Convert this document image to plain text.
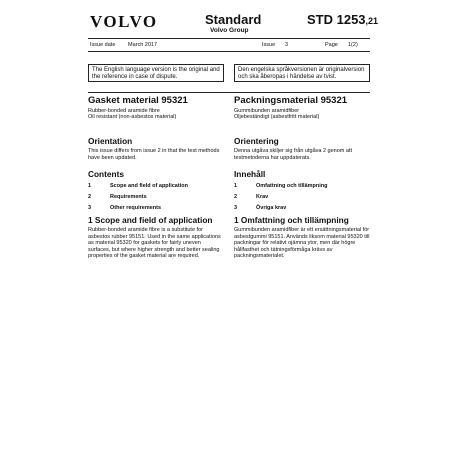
VOLVO	Standard
Volvo Group
STD 1253,21
Issue date March 2017	Issue 3	Page 1(2)
The English language version is the original and the reference in case of dispute.
Den engelska språkversionen är originalversion och ska åberopas i händelse av tvist.
Gasket material 95321
Rubber-bonded aramide fibre
Oil resistant (non-asbestos material)
Orientation
This issue differs from issue 2 in that the test methods have been updated.
Contents
1	Scope and field of application
2	Requirements
3	Other requirements
1 Scope and field of application
Rubber-bonded aramide fibre is a substitute for asbestos rubber 95151. Used in the same applications as material 95320 for gaskets for fairly uneven surfaces, but where higher strength and better sealing properties of the gasket material are required.
Packningsmaterial 95321
Gummibunden aramidfiber
Oljebeständigt (asbestfritt material)
Orientering
Denna utgåva skiljer sig från utgåva 2 genom att testmetoderna har uppdaterats.
Innehåll
1	Omfattning och tillämpning
2	Krav
3	Övriga krav
1 Omfattning och tillämpning
Gummibunden aramidfiber är ett ersättningsmaterial för asbestgummi 95151. Används liksom material 95320 till packningar för relativt ojämna ytor, men där högre hållfasthet och tätningsförmåga krävs av packningsmaterialet.
